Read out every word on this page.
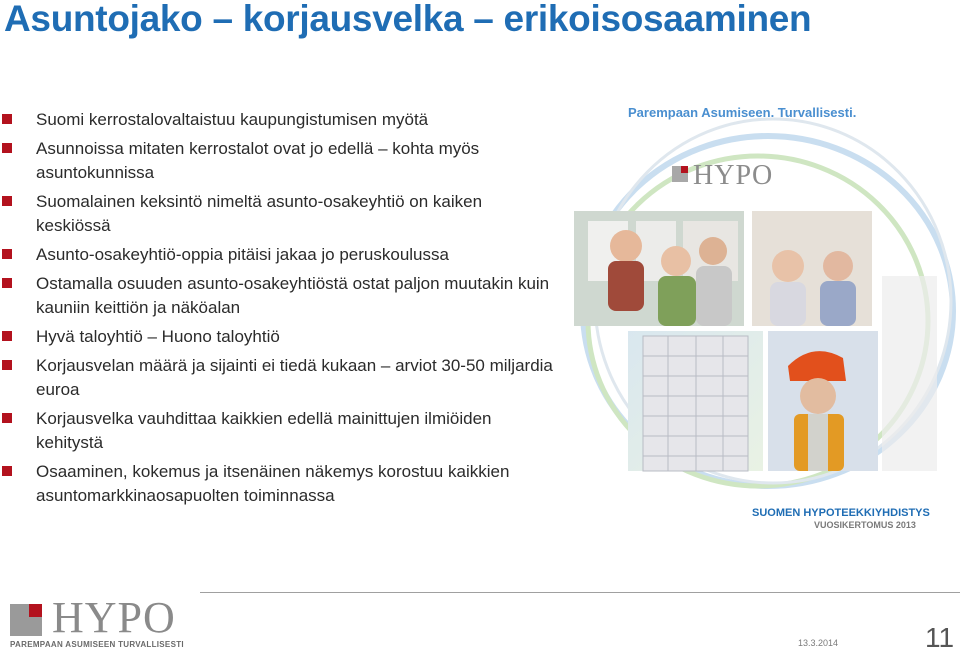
Asuntojako – korjausvelka – erikoisosaaminen
Suomi kerrostalovaltaistuu kaupungistumisen myötä
Asunnoissa mitaten kerrostalot ovat jo edellä – kohta myös asuntokunnissa
Suomalainen keksintö nimeltä asunto-osakeyhtiö on kaiken keskiössä
Asunto-osakeyhtiö-oppia pitäisi jakaa jo peruskoulussa
Ostamalla osuuden asunto-osakeyhtiöstä ostat paljon muutakin kuin kauniin keittiön ja näköalan
Hyvä taloyhtiö – Huono taloyhtiö
Korjausvelan määrä ja sijainti ei tiedä kukaan – arviot 30-50 miljardia euroa
Korjausvelka vauhdittaa kaikkien edellä mainittujen ilmiöiden kehitystä
Osaaminen, kokemus ja itsenäinen näkemys korostuu kaikkien asuntomarkkinaosapuolten toiminnassa
Parempaan Asumiseen. Turvallisesti.
HYPO
SUOMEN HYPOTEEKKIYHDISTYS
VUOSIKERTOMUS 2013
HYPO
PAREMPAAN ASUMISEEN TURVALLISESTI	13.3.2014	11
